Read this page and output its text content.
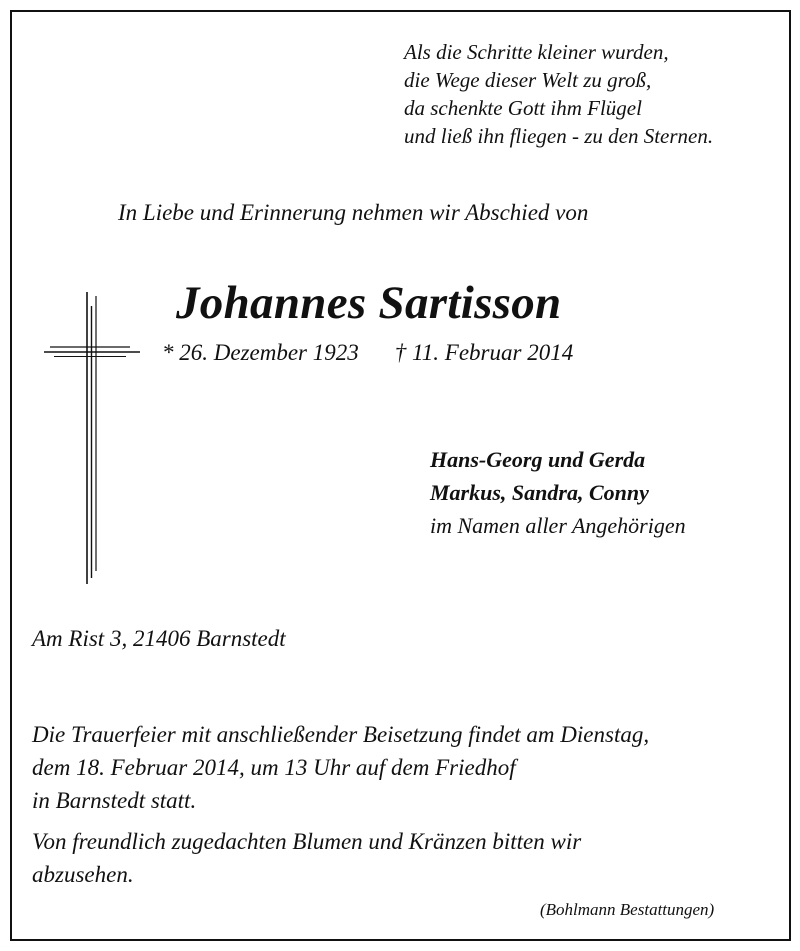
Als die Schritte kleiner wurden,
die Wege dieser Welt zu groß,
da schenkte Gott ihm Flügel
und ließ ihn fliegen - zu den Sternen.
In Liebe und Erinnerung nehmen wir Abschied von
Johannes Sartisson
* 26. Dezember 1923 † 11. Februar 2014
Hans-Georg und Gerda
Markus, Sandra, Conny
im Namen aller Angehörigen
Am Rist 3, 21406 Barnstedt
Die Trauerfeier mit anschließender Beisetzung findet am Dienstag,
dem 18. Februar 2014, um 13 Uhr auf dem Friedhof
in Barnstedt statt.
Von freundlich zugedachten Blumen und Kränzen bitten wir
abzusehen.
(Bohlmann Bestattungen)
